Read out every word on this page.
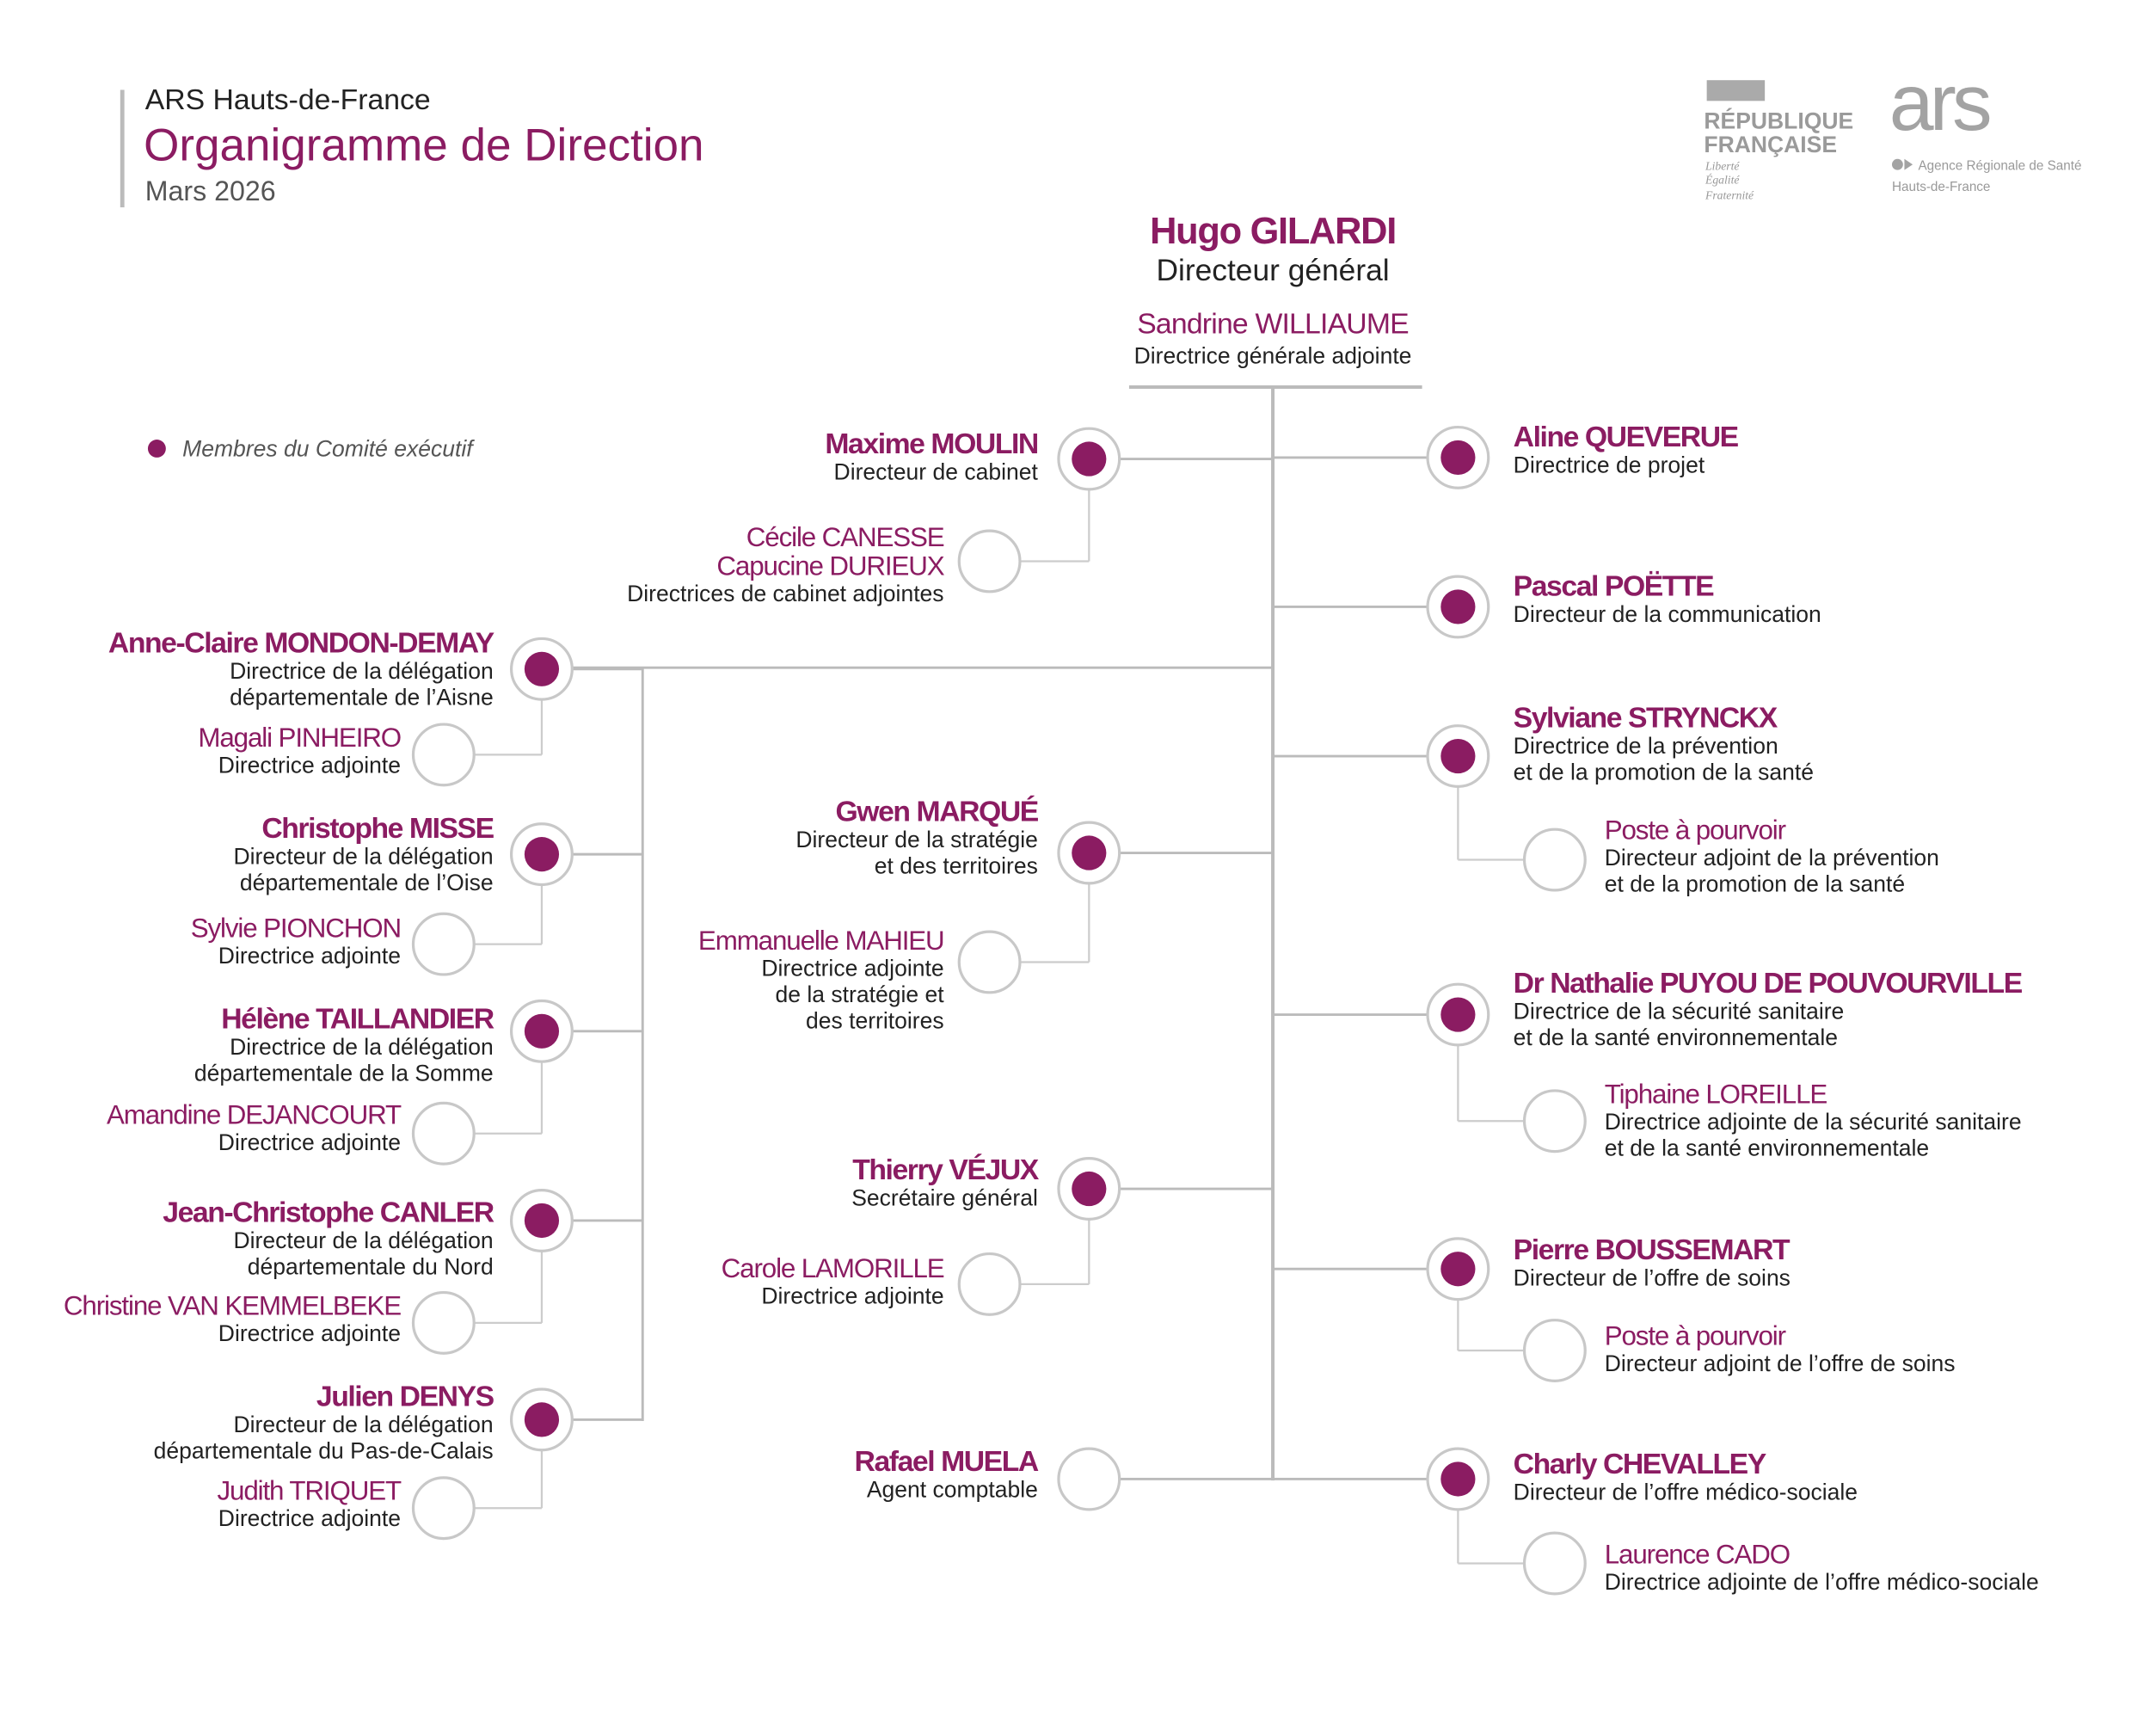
ARS Hauts-de-France
Organigramme de Direction
Mars 2026
RÉPUBLIQUE
FRANÇAISE
Liberté
Égalité
Fraternité
ars
Agence Régionale de Santé
Hauts-de-France
Membres du Comité exécutif
Hugo GILARDI
Directeur général
Sandrine WILLIAUME
Directrice générale adjointe
Maxime MOULIN
Directeur de cabinet
Cécile CANESSE
Capucine DURIEUX
Directrices de cabinet adjointes
Gwen MARQUÉ
Directeur de la stratégie
et des territoires
Emmanuelle MAHIEU
Directrice adjointe
de la stratégie et
des territoires
Thierry VÉJUX
Secrétaire général
Carole LAMORILLE
Directrice adjointe
Rafael MUELA
Agent comptable
Aline QUEVERUE
Directrice de projet
Pascal POËTTE
Directeur de la communication
Sylviane STRYNCKX
Directrice de la prévention
et de la promotion de la santé
Poste à pourvoir
Directeur adjoint de la prévention
et de la promotion de la santé
Dr Nathalie PUYOU DE POUVOURVILLE
Directrice de la sécurité sanitaire
et de la santé environnementale
Tiphaine LOREILLE
Directrice adjointe de la sécurité sanitaire
et de la santé environnementale
Pierre BOUSSEMART
Directeur de l’offre de soins
Poste à pourvoir
Directeur adjoint de l’offre de soins
Charly CHEVALLEY
Directeur de l’offre médico-sociale
Laurence CADO
Directrice adjointe de l’offre médico-sociale
Anne-Claire MONDON-DEMAY
Directrice de la délégation
départementale de l’Aisne
Magali PINHEIRO
Directrice adjointe
Christophe MISSE
Directeur de la délégation
départementale de l’Oise
Sylvie PIONCHON
Directrice adjointe
Hélène TAILLANDIER
Directrice de la délégation
départementale de la Somme
Amandine DEJANCOURT
Directrice adjointe
Jean-Christophe CANLER
Directeur de la délégation
départementale du Nord
Christine VAN KEMMELBEKE
Directrice adjointe
Julien DENYS
Directeur de la délégation
départementale du Pas-de-Calais
Judith TRIQUET
Directrice adjointe
